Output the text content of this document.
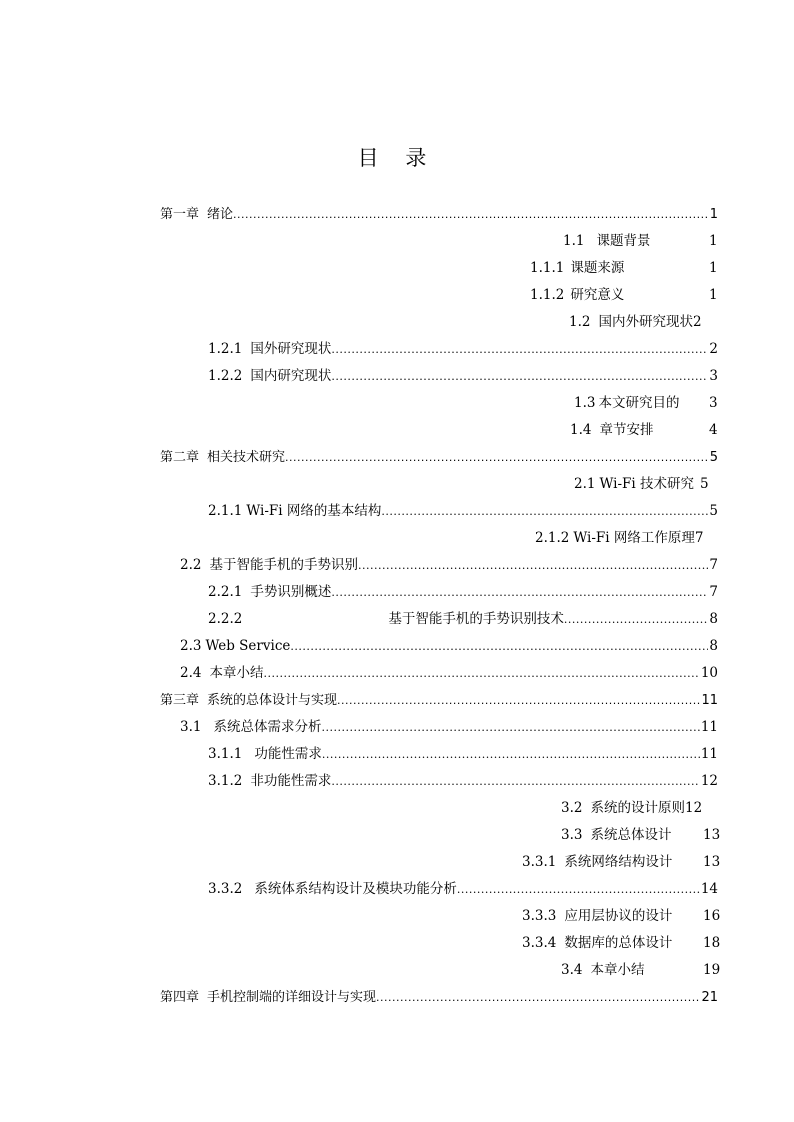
目 录
第一章 绪论 .....	1
1.1 课题背景	1
1.1.1 课题来源	1
1.1.2 研究意义	1
1.2 国内外研究现状2
1.2.1 国外研究现状 .....	2
1.2.2 国内研究现状 .....	3
1.3 本文研究目的 3
1.4 章节安排	4
第二章 相关技术研究 .....	5
2.1 Wi-Fi 技术研究 5
2.1.1 Wi-Fi 网络的基本结构 .....	5
2.1.2 Wi-Fi 网络工作原理7
2.2 基于智能手机的手势识别 .....	7
2.2.1 手势识别概述 .....	7
2.2.2	基于智能手机的手势识别技术 .....	8
2.3 Web Service .....	8
2.4 本章小结 .....	10
第三章 系统的总体设计与实现 .....	11
3.1 系统总体需求分析 .....	11
3.1.1 功能性需求 .....	11
3.1.2 非功能性需求 .....	12
3.2 系统的设计原则12
3.3 系统总体设计 13
3.3.1 系统网络结构设计 13
3.3.2 系统体系结构设计及模块功能分析 .....	14
3.3.3 应用层协议的设计 16
3.3.4 数据库的总体设计 18
3.4 本章小结	19
第四章 手机控制端的详细设计与实现 .....	21
